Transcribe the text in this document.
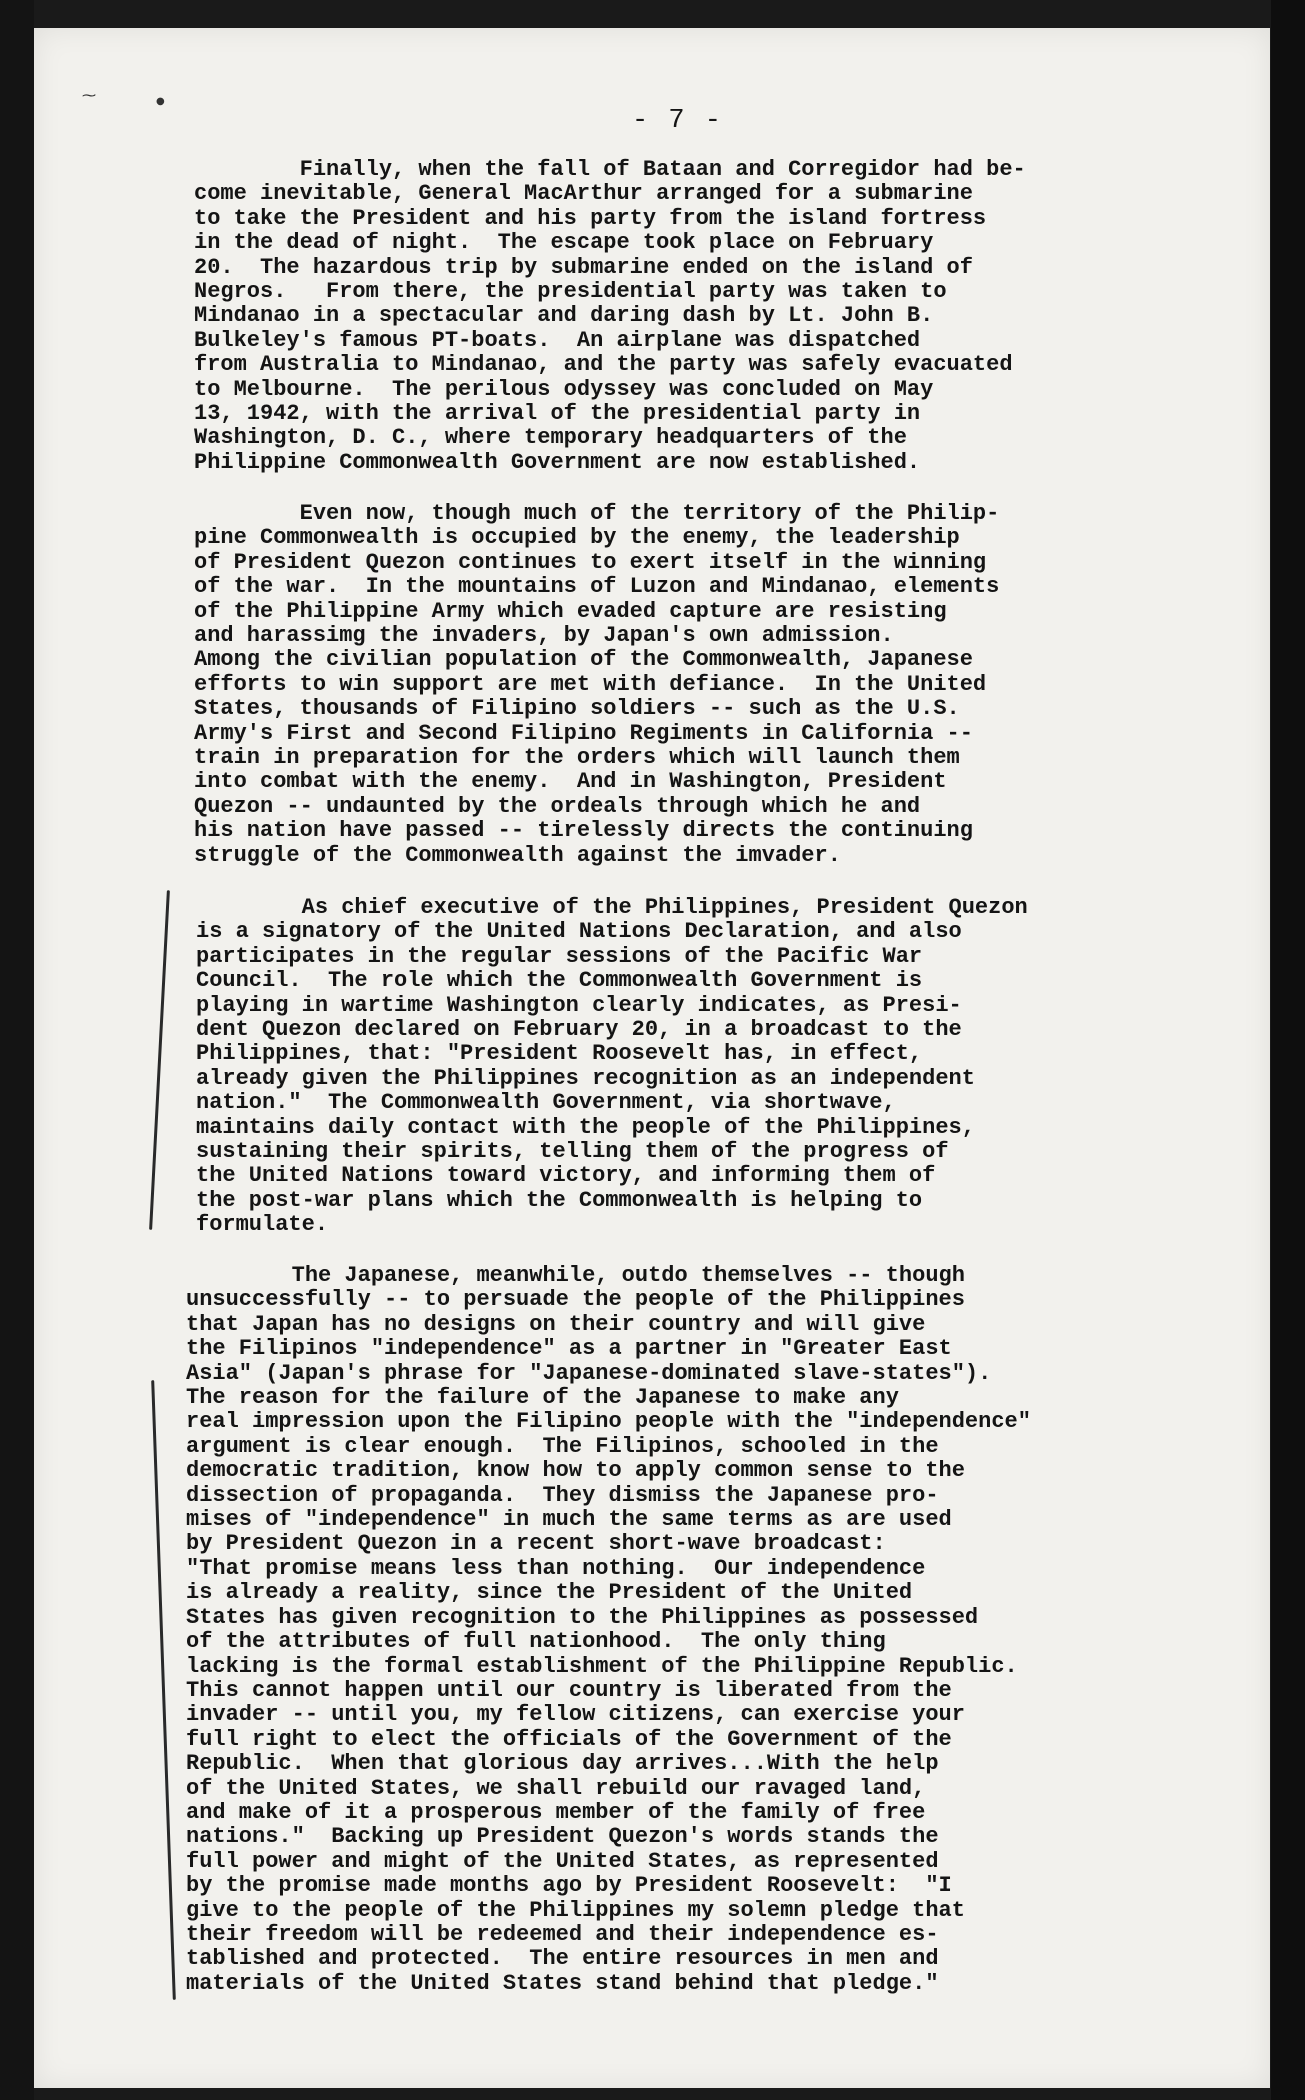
⁓	●
- 7 -
Finally, when the fall of Bataan and Corregidor had be-
come inevitable, General MacArthur arranged for a submarine
to take the President and his party from the island fortress
in the dead of night.  The escape took place on February
20.  The hazardous trip by submarine ended on the island of
Negros.   From there, the presidential party was taken to
Mindanao in a spectacular and daring dash by Lt. John B.
Bulkeley's famous PT-boats.  An airplane was dispatched
from Australia to Mindanao, and the party was safely evacuated
to Melbourne.  The perilous odyssey was concluded on May
13, 1942, with the arrival of the presidential party in
Washington, D. C., where temporary headquarters of the
Philippine Commonwealth Government are now established.
Even now, though much of the territory of the Philip-
pine Commonwealth is occupied by the enemy, the leadership
of President Quezon continues to exert itself in the winning
of the war.  In the mountains of Luzon and Mindanao, elements
of the Philippine Army which evaded capture are resisting
and harassimg the invaders, by Japan's own admission.
Among the civilian population of the Commonwealth, Japanese
efforts to win support are met with defiance.  In the United
States, thousands of Filipino soldiers -- such as the U.S.
Army's First and Second Filipino Regiments in California --
train in preparation for the orders which will launch them
into combat with the enemy.  And in Washington, President
Quezon -- undaunted by the ordeals through which he and
his nation have passed -- tirelessly directs the continuing
struggle of the Commonwealth against the imvader.
As chief executive of the Philippines, President Quezon
is a signatory of the United Nations Declaration, and also
participates in the regular sessions of the Pacific War
Council.  The role which the Commonwealth Government is
playing in wartime Washington clearly indicates, as Presi-
dent Quezon declared on February 20, in a broadcast to the
Philippines, that: "President Roosevelt has, in effect,
already given the Philippines recognition as an independent
nation."  The Commonwealth Government, via shortwave,
maintains daily contact with the people of the Philippines,
sustaining their spirits, telling them of the progress of
the United Nations toward victory, and informing them of
the post-war plans which the Commonwealth is helping to
formulate.
The Japanese, meanwhile, outdo themselves -- though
unsuccessfully -- to persuade the people of the Philippines
that Japan has no designs on their country and will give
the Filipinos "independence" as a partner in "Greater East
Asia" (Japan's phrase for "Japanese-dominated slave-states").
The reason for the failure of the Japanese to make any
real impression upon the Filipino people with the "independence"
argument is clear enough.  The Filipinos, schooled in the
democratic tradition, know how to apply common sense to the
dissection of propaganda.  They dismiss the Japanese pro-
mises of "independence" in much the same terms as are used
by President Quezon in a recent short-wave broadcast:
"That promise means less than nothing.  Our independence
is already a reality, since the President of the United
States has given recognition to the Philippines as possessed
of the attributes of full nationhood.  The only thing
lacking is the formal establishment of the Philippine Republic.
This cannot happen until our country is liberated from the
invader -- until you, my fellow citizens, can exercise your
full right to elect the officials of the Government of the
Republic.  When that glorious day arrives...With the help
of the United States, we shall rebuild our ravaged land,
and make of it a prosperous member of the family of free
nations."  Backing up President Quezon's words stands the
full power and might of the United States, as represented
by the promise made months ago by President Roosevelt:  "I
give to the people of the Philippines my solemn pledge that
their freedom will be redeemed and their independence es-
tablished and protected.  The entire resources in men and
materials of the United States stand behind that pledge."
